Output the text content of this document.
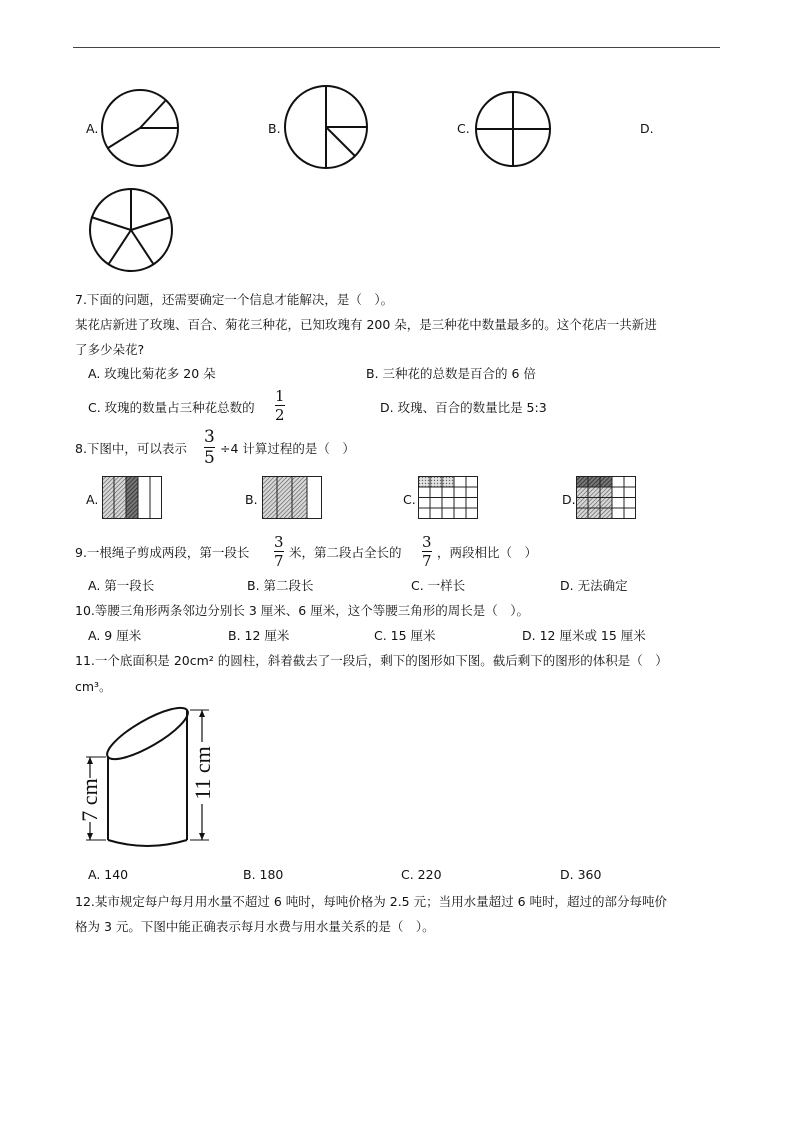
A.	B.	C.	D.
7.下面的问题，还需要确定一个信息才能解决，是（　）。
某花店新进了玫瑰、百合、菊花三种花，已知玫瑰有 200 朵，是三种花中数量最多的。这个花店一共新进
了多少朵花?
A. 玫瑰比菊花多 20 朵	B. 三种花的总数是百合的 6 倍
C. 玫瑰的数量占三种花总数的
1
2	D. 玫瑰、百合的数量比是 5:3
8.下图中，可以表示
3
5 ÷4 计算过程的是（　）
A.	B.	C.	D.
9.一根绳子剪成两段，第一段长
3
7 米，第二段占全长的
3
7 ，两段相比（　）
A. 第一段长	B. 第二段长	C. 一样长	D. 无法确定
10.等腰三角形两条邻边分别长 3 厘米、6 厘米，这个等腰三角形的周长是（　）。
A. 9 厘米	B. 12 厘米	C. 15 厘米	D. 12 厘米或 15 厘米
11.一个底面积是 20cm² 的圆柱，斜着截去了一段后，剩下的图形如下图。截后剩下的图形的体积是（　）
cm³。
7 cm
11 cm
A. 140	B. 180	C. 220	D. 360
12.某市规定每户每月用水量不超过 6 吨时，每吨价格为 2.5 元；当用水量超过 6 吨时，超过的部分每吨价
格为 3 元。下图中能正确表示每月水费与用水量关系的是（　）。
